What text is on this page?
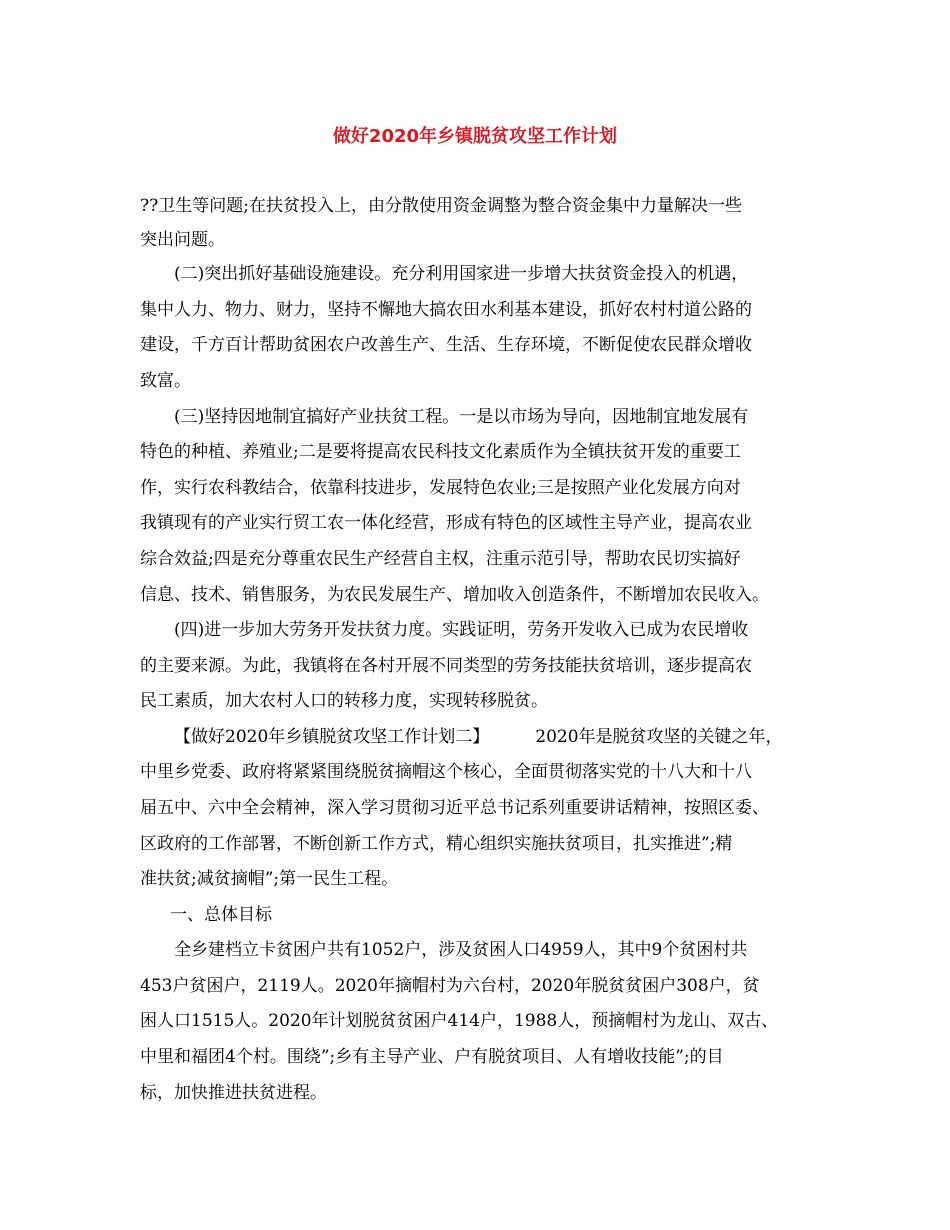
做好2020年乡镇脱贫攻坚工作计划
??卫生等问题;在扶贫投入上，由分散使用资金调整为整合资金集中力量解决一些
突出问题。
(二)突出抓好基础设施建设。充分利用国家进一步增大扶贫资金投入的机遇，
集中人力、物力、财力，坚持不懈地大搞农田水利基本建设，抓好农村村道公路的
建设，千方百计帮助贫困农户改善生产、生活、生存环境，不断促使农民群众增收
致富。
(三)坚持因地制宜搞好产业扶贫工程。一是以市场为导向，因地制宜地发展有
特色的种植、养殖业;二是要将提高农民科技文化素质作为全镇扶贫开发的重要工
作，实行农科教结合，依靠科技进步，发展特色农业;三是按照产业化发展方向对
我镇现有的产业实行贸工农一体化经营，形成有特色的区域性主导产业，提高农业
综合效益;四是充分尊重农民生产经营自主权，注重示范引导，帮助农民切实搞好
信息、技术、销售服务，为农民发展生产、增加收入创造条件，不断增加农民收入。
(四)进一步加大劳务开发扶贫力度。实践证明，劳务开发收入已成为农民增收
的主要来源。为此，我镇将在各村开展不同类型的劳务技能扶贫培训，逐步提高农
民工素质，加大农村人口的转移力度，实现转移脱贫。
【做好2020年乡镇脱贫攻坚工作计划二】	2020年是脱贫攻坚的关键之年，
中里乡党委、政府将紧紧围绕脱贫摘帽这个核心，全面贯彻落实党的十八大和十八
届五中、六中全会精神，深入学习贯彻习近平总书记系列重要讲话精神，按照区委、
区政府的工作部署，不断创新工作方式，精心组织实施扶贫项目，扎实推进”;精
准扶贫;减贫摘帽”;第一民生工程。
一、总体目标
全乡建档立卡贫困户共有1052户，涉及贫困人口4959人，其中9个贫困村共
453户贫困户，2119人。2020年摘帽村为六台村，2020年脱贫贫困户308户，贫
困人口1515人。2020年计划脱贫贫困户414户，1988人，预摘帽村为龙山、双古、
中里和福团4个村。围绕”;乡有主导产业、户有脱贫项目、人有增收技能”;的目
标，加快推进扶贫进程。
